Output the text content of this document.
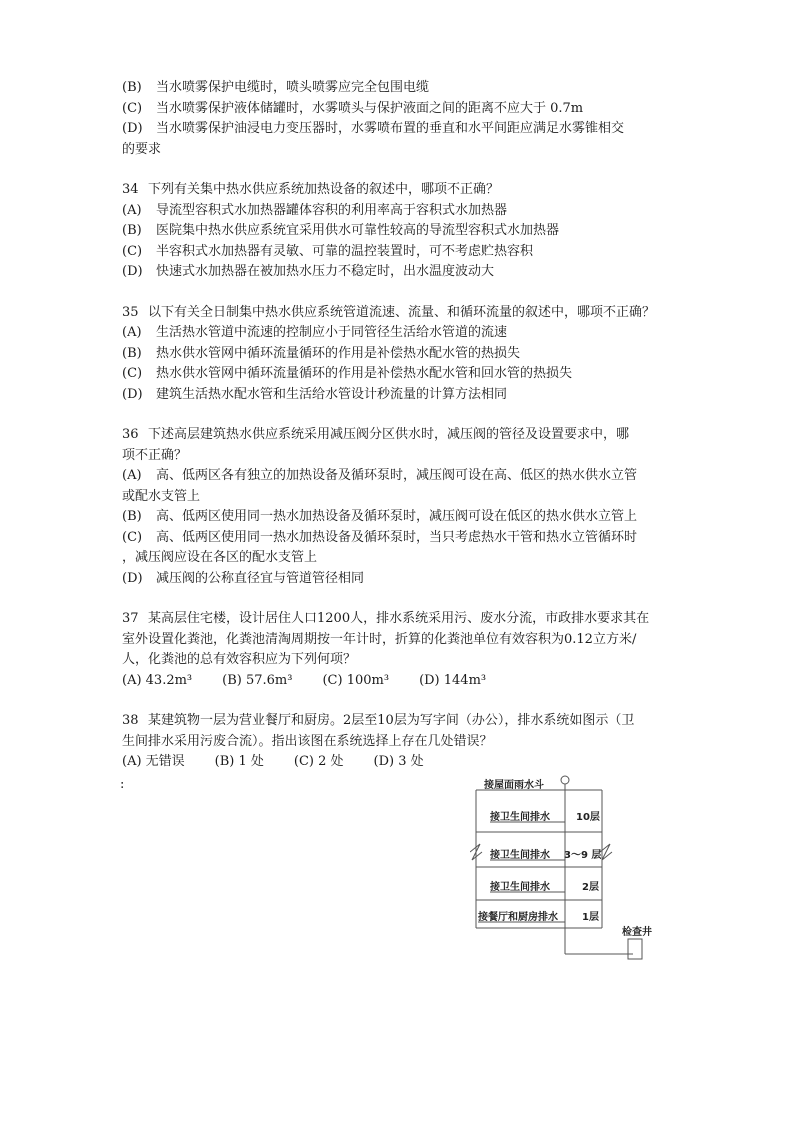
(B) 当水喷雾保护电缆时，喷头喷雾应完全包围电缆
(C) 当水喷雾保护液体储罐时，水雾喷头与保护液面之间的距离不应大于 0.7m
(D) 当水喷雾保护油浸电力变压器时，水雾喷布置的垂直和水平间距应满足水雾锥相交
的要求
34 下列有关集中热水供应系统加热设备的叙述中，哪项不正确？
(A) 导流型容积式水加热器罐体容积的利用率高于容积式水加热器
(B) 医院集中热水供应系统宜采用供水可靠性较高的导流型容积式水加热器
(C) 半容积式水加热器有灵敏、可靠的温控装置时，可不考虑贮热容积
(D) 快速式水加热器在被加热水压力不稳定时，出水温度波动大
35 以下有关全日制集中热水供应系统管道流速、流量、和循环流量的叙述中，哪项不正确？
(A) 生活热水管道中流速的控制应小于同管径生活给水管道的流速
(B) 热水供水管网中循环流量循环的作用是补偿热水配水管的热损失
(C) 热水供水管网中循环流量循环的作用是补偿热水配水管和回水管的热损失
(D) 建筑生活热水配水管和生活给水管设计秒流量的计算方法相同
36 下述高层建筑热水供应系统采用减压阀分区供水时，减压阀的管径及设置要求中，哪
项不正确？
(A) 高、低两区各有独立的加热设备及循环泵时，减压阀可设在高、低区的热水供水立管
或配水支管上
(B) 高、低两区使用同一热水加热设备及循环泵时，减压阀可设在低区的热水供水立管上
(C) 高、低两区使用同一热水加热设备及循环泵时，当只考虑热水干管和热水立管循环时
，减压阀应设在各区的配水支管上
(D) 减压阀的公称直径宜与管道管径相同
37 某高层住宅楼，设计居住人口1200人，排水系统采用污、废水分流，市政排水要求其在
室外设置化粪池，化粪池清淘周期按一年计时，折算的化粪池单位有效容积为0.12立方米/
人，化粪池的总有效容积应为下列何项？
(A) 43.2m³ (B) 57.6m³ (C) 100m³ (D) 144m³
38 某建筑物一层为营业餐厅和厨房。2层至10层为写字间（办公），排水系统如图示（卫
生间排水采用污废合流）。指出该图在系统选择上存在几处错误？
(A) 无错误 (B) 1 处 (C) 2 处 (D) 3 处
:	接屋面雨水斗
接卫生间排水	10层
接卫生间排水 3～9 层
接卫生间排水	2层
接餐厅和厨房排水 1层
检查井
